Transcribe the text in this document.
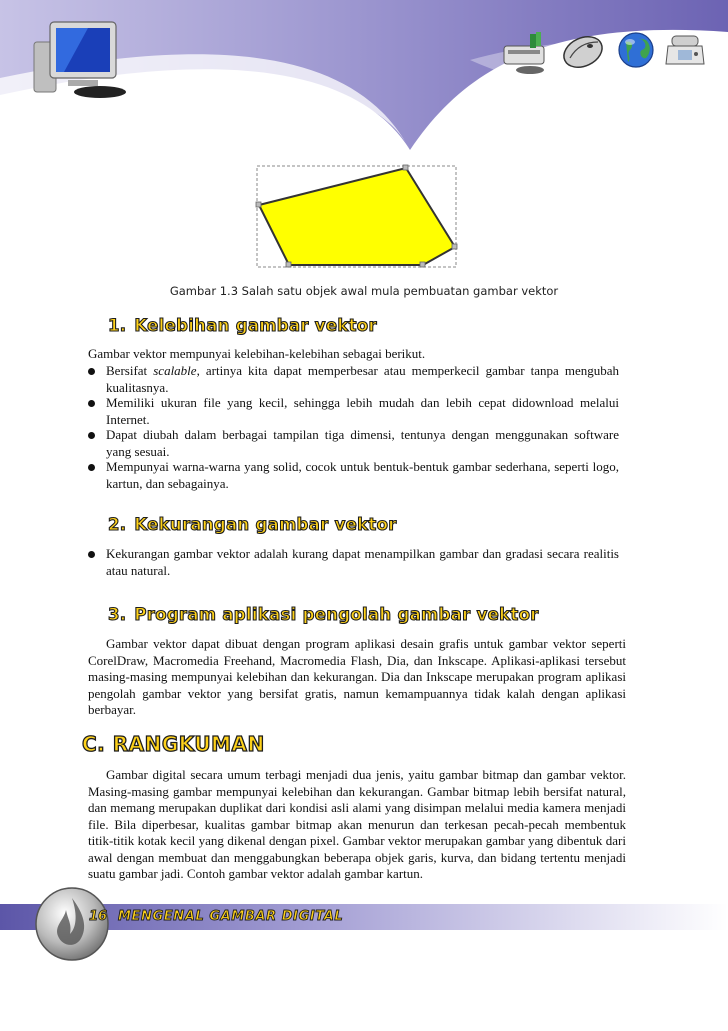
Gambar 1.3 Salah satu objek awal mula pembuatan gambar vektor
1. Kelebihan gambar vektor
Gambar vektor mempunyai kelebihan-kelebihan sebagai berikut.
Bersifat scalable, artinya kita dapat memperbesar atau memperkecil gambar tanpa mengubah kualitasnya.
Memiliki ukuran file yang kecil, sehingga lebih mudah dan lebih cepat didownload melalui Internet.
Dapat diubah dalam berbagai tampilan tiga dimensi, tentunya dengan menggunakan software yang sesuai.
Mempunyai warna-warna yang solid, cocok untuk bentuk-bentuk gambar sederhana, seperti logo, kartun, dan sebagainya.
2. Kekurangan gambar vektor
Kekurangan gambar vektor adalah kurang dapat menampilkan gambar dan gradasi secara realitis atau natural.
3. Program aplikasi pengolah gambar vektor
Gambar vektor dapat dibuat dengan program aplikasi desain grafis untuk gambar vektor seperti CorelDraw, Macromedia Freehand, Macromedia Flash, Dia, dan Inkscape. Aplikasi-aplikasi tersebut masing-masing mempunyai kelebihan dan kekurangan. Dia dan Inkscape merupakan program aplikasi pengolah gambar vektor yang bersifat gratis, namun kemampuannya tidak kalah dengan aplikasi berbayar.
C. RANGKUMAN
Gambar digital secara umum terbagi menjadi dua jenis, yaitu gambar bitmap dan gambar vektor. Masing-masing gambar mempunyai kelebihan dan kekurangan. Gambar bitmap lebih bersifat natural, dan memang merupakan duplikat dari kondisi asli alami yang disimpan melalui media kamera menjadi file. Bila diperbesar, kualitas gambar bitmap akan menurun dan terkesan pecah-pecah membentuk titik-titik kotak kecil yang dikenal dengan pixel. Gambar vektor merupakan gambar yang dibentuk dari awal dengan membuat dan menggabungkan beberapa objek garis, kurva, dan bidang tertentu menjadi suatu gambar jadi. Contoh gambar vektor adalah gambar kartun.
16 MENGENAL GAMBAR DIGITAL
